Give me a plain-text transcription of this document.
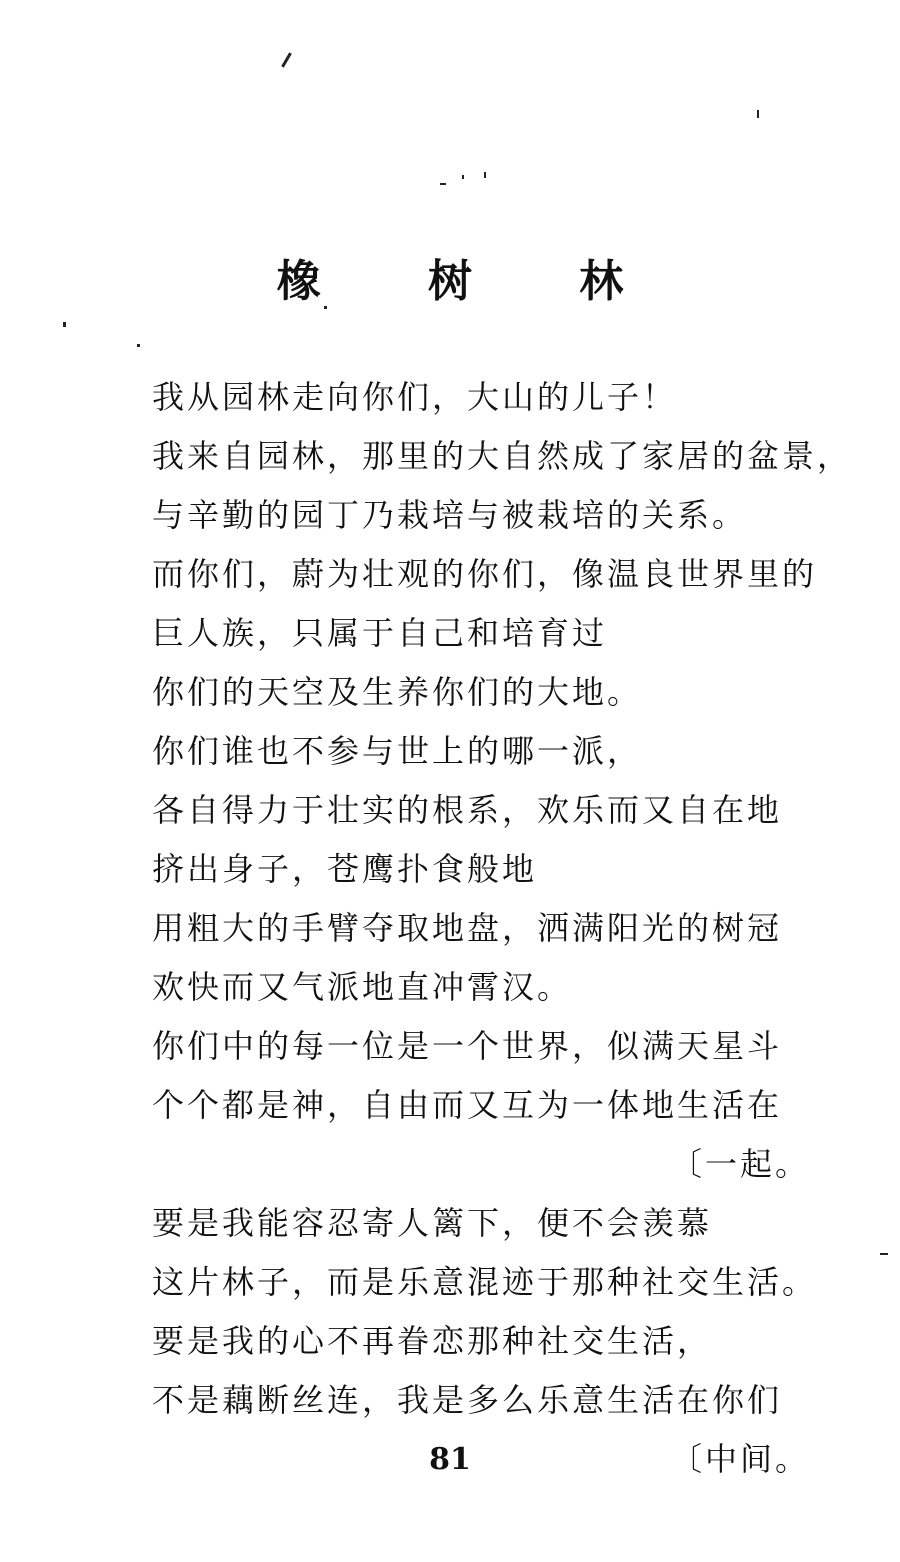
橡 树 林
我从园林走向你们，大山的儿子！
我来自园林，那里的大自然成了家居的盆景，
与辛勤的园丁乃栽培与被栽培的关系。
而你们，蔚为壮观的你们，像温良世界里的
巨人族，只属于自己和培育过
你们的天空及生养你们的大地。
你们谁也不参与世上的哪一派，
各自得力于壮实的根系，欢乐而又自在地
挤出身子，苍鹰扑食般地
用粗大的手臂夺取地盘，洒满阳光的树冠
欢快而又气派地直冲霄汉。
你们中的每一位是一个世界，似满天星斗
个个都是神，自由而又互为一体地生活在
〔一起。
要是我能容忍寄人篱下，便不会羡慕
这片林子，而是乐意混迹于那种社交生活。
要是我的心不再眷恋那种社交生活，
不是藕断丝连，我是多么乐意生活在你们
〔中间。
81
